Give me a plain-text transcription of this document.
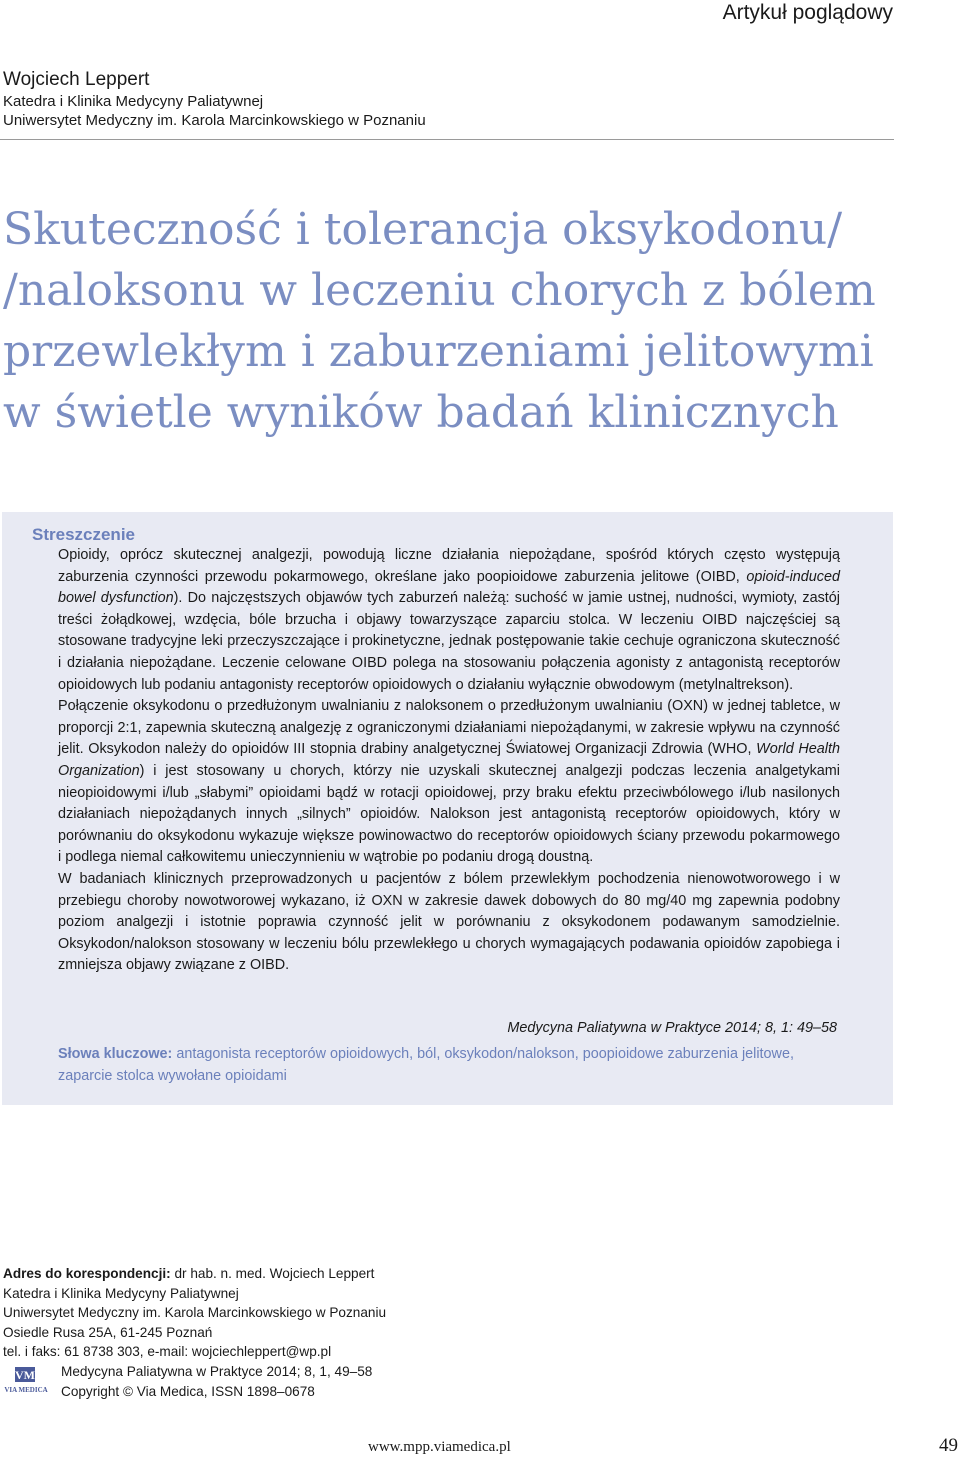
Artykuł poglądowy
Wojciech Leppert
Katedra i Klinika Medycyny Paliatywnej
Uniwersytet Medyczny im. Karola Marcinkowskiego w Poznaniu
Skuteczność i tolerancja oksykodonu/
/naloksonu w leczeniu chorych z bólem
przewlekłym i zaburzeniami jelitowymi
w świetle wyników badań klinicznych
Streszczenie

Opioidy, oprócz skutecznej analgezji, powodują liczne działania niepożądane, spośród których często występują zaburzenia czynności przewodu pokarmowego, określane jako poopioidowe zaburzenia jelitowe (OIBD, opioid-induced bowel dysfunction). Do najczęstszych objawów tych zaburzeń należą: suchość w jamie ustnej, nudności, wymioty, zastój treści żołądkowej, wzdęcia, bóle brzucha i objawy towarzyszące zaparciu stolca. W leczeniu OIBD najczęściej są stosowane tradycyjne leki przeczyszczające i prokinetyczne, jednak postępowanie takie cechuje ograniczona skuteczność i działania niepożądane. Leczenie celowane OIBD polega na stosowaniu połączenia agonisty z antagonistą receptorów opioidowych lub podaniu antagonisty receptorów opioidowych o działaniu wyłącznie obwodowym (metylnaltrekson).

Połączenie oksykodonu o przedłużonym uwalnianiu z naloksonem o przedłużonym uwalnianiu (OXN) w jednej tabletce, w proporcji 2:1, zapewnia skuteczną analgezję z ograniczonymi działaniami niepożądanymi, w zakresie wpływu na czynność jelit. Oksykodon należy do opioidów III stopnia drabiny analgetycznej Światowej Organizacji Zdrowia (WHO, World Health Organization) i jest stosowany u chorych, którzy nie uzyskali skutecznej analgezji podczas leczenia analgetykami nieopioidowymi i/lub „słabymi” opioidami bądź w rotacji opioidowej, przy braku efektu przeciwbólowego i/lub nasilonych działaniach niepożądanych innych „silnych” opioidów. Nalokson jest antagonistą receptorów opioidowych, który w porównaniu do oksykodonu wykazuje większe powinowactwo do receptorów opioidowych ściany przewodu pokarmowego i podlega niemal całkowitemu unieczynnieniu w wątrobie po podaniu drogą doustną.

W badaniach klinicznych przeprowadzonych u pacjentów z bólem przewlekłym pochodzenia nienowotworowego i w przebiegu choroby nowotworowej wykazano, iż OXN w zakresie dawek dobowych do 80 mg/40 mg zapewnia podobny poziom analgezji i istotnie poprawia czynność jelit w porównaniu z oksykodonem podawanym samodzielnie. Oksykodon/nalokson stosowany w leczeniu bólu przewlekłego u chorych wymagających podawania opioidów zapobiega i zmniejsza objawy związane z OIBD.

Medycyna Paliatywna w Praktyce 2014; 8, 1: 49–58
Słowa kluczowe: antagonista receptorów opioidowych, ból, oksykodon/nalokson, poopioidowe zaburzenia jelitowe, zaparcie stolca wywołane opioidami
Adres do korespondencji: dr hab. n. med. Wojciech Leppert
Katedra i Klinika Medycyny Paliatywnej
Uniwersytet Medyczny im. Karola Marcinkowskiego w Poznaniu
Osiedle Rusa 25A, 61-245 Poznań
tel. i faks: 61 8738 303, e-mail: wojciechleppert@wp.pl
VM
VIA MEDICA
Medycyna Paliatywna w Praktyce 2014; 8, 1, 49–58
Copyright © Via Medica, ISSN 1898–0678
www.mpp.viamedica.pl	49
